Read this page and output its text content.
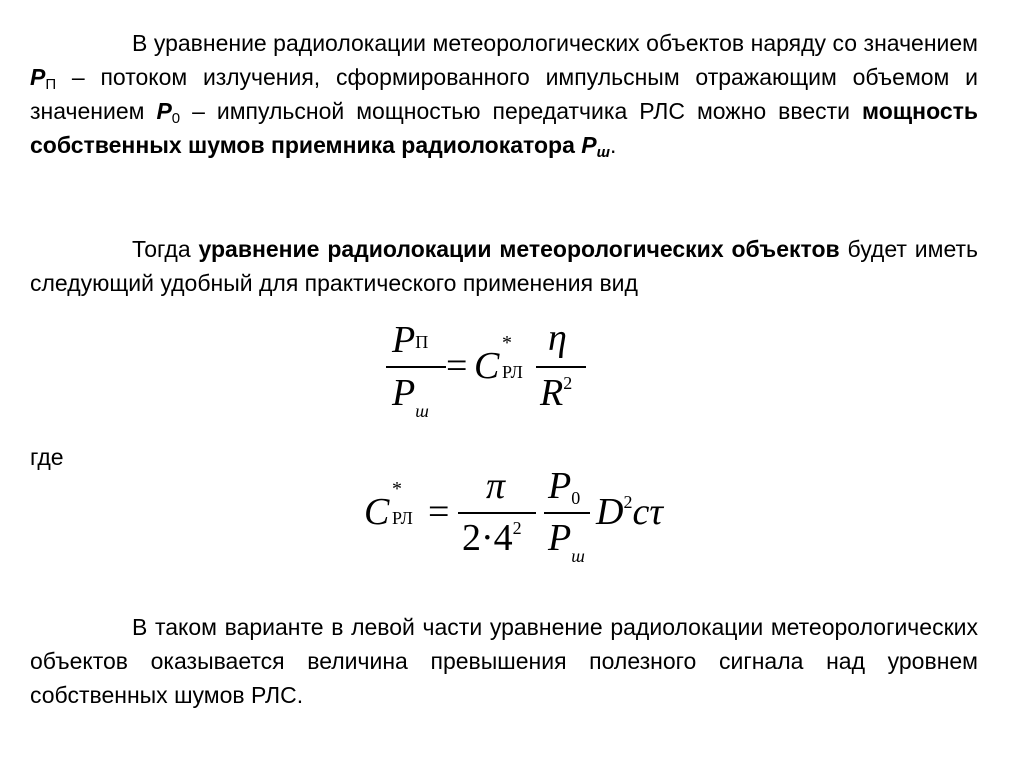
В уравнение радиолокации метеорологических объектов наряду со значением $Р_П$ – потоком излучения, сформированного импульсным отражающим объемом и значением $Р_0$ – импульсной мощностью передатчика РЛС можно ввести мощность собственных шумов приемника радиолокатора $Р_ш$.
Тогда уравнение радиолокации метеорологических объектов будет иметь следующий удобный для практического применения вид
PП
$P_ш$
= C
*
РЛ
η
$R^2$
где
C
*
РЛ =
π
$2\cdot 4^2$
P0
$P_ш$
$D^2c\tau$
В таком варианте в левой части уравнение радиолокации метеорологических объектов оказывается величина превышения полезного сигнала над уровнем собственных шумов РЛС.
